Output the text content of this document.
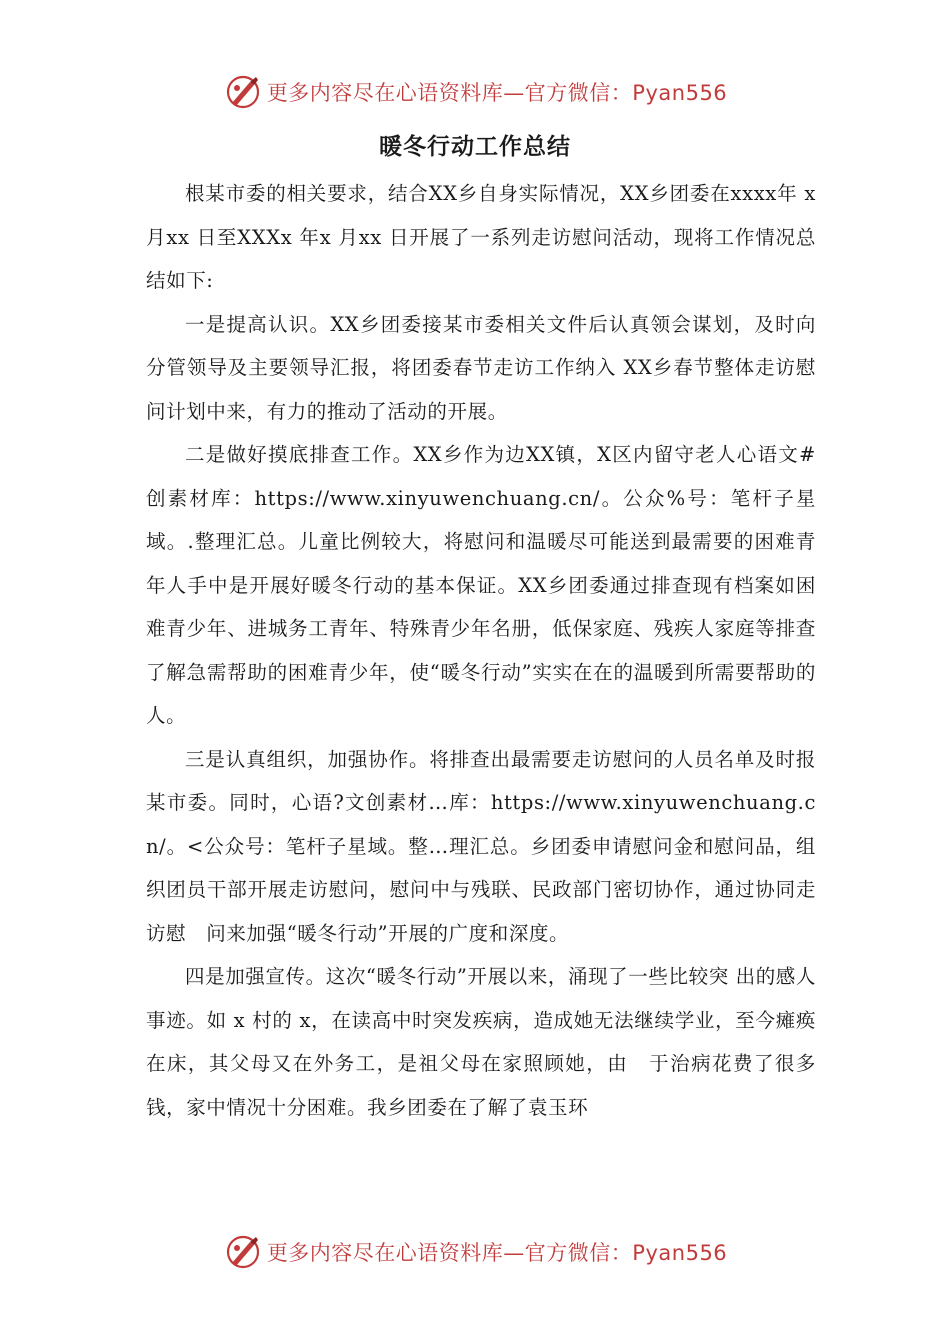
更多内容尽在心语资料库—官方微信：Pyan556
暖冬行动工作总结

根某市委的相关要求，结合XX乡自身实际情况，XX乡团委在xxxx年 x 月xx 日至XXXx 年x 月xx 日开展了一系列走访慰问活动，现将工作情况总结如下:

一是提高认识。XX乡团委接某市委相关文件后认真领会谋划，及时向分管领导及主要领导汇报，将团委春节走访工作纳入 XX乡春节整体走访慰问计划中来，有力的推动了活动的开展。

二是做好摸底排查工作。XX乡作为边XX镇，X区内留守老人心语文#创素材库：https://www.xinyuwenchuang.cn/。公众%号：笔杆子星域。.整理汇总。儿童比例较大，将慰问和温暖尽可能送到最需要的困难青年人手中是开展好暖冬行动的基本保证。XX乡团委通过排查现有档案如困难青少年、进城务工青年、特殊青少年名册，低保家庭、残疾人家庭等排查了解急需帮助的困难青少年，使“暖冬行动”实实在在的温暖到所需要帮助的人。

三是认真组织，加强协作。将排查出最需要走访慰问的人员名单及时报某市委。同时，心语?文创素材…库：https://www.xinyuwenchuang.cn/。<公众号：笔杆子星域。整…理汇总。乡团委申请慰问金和慰问品，组织团员干部开展走访慰问，慰问中与残联、民政部门密切协作，通过协同走访慰　问来加强“暖冬行动”开展的广度和深度。

四是加强宣传。这次“暖冬行动”开展以来，涌现了一些比较突 出的感人事迹。如 x 村的 x，在读高中时突发疾病，造成她无法继续学业，至今瘫痪在床，其父母又在外务工，是祖父母在家照顾她，由　于治病花费了很多钱，家中情况十分困难。我乡团委在了解了袁玉环

更多内容尽在心语资料库—官方微信：Pyan556
